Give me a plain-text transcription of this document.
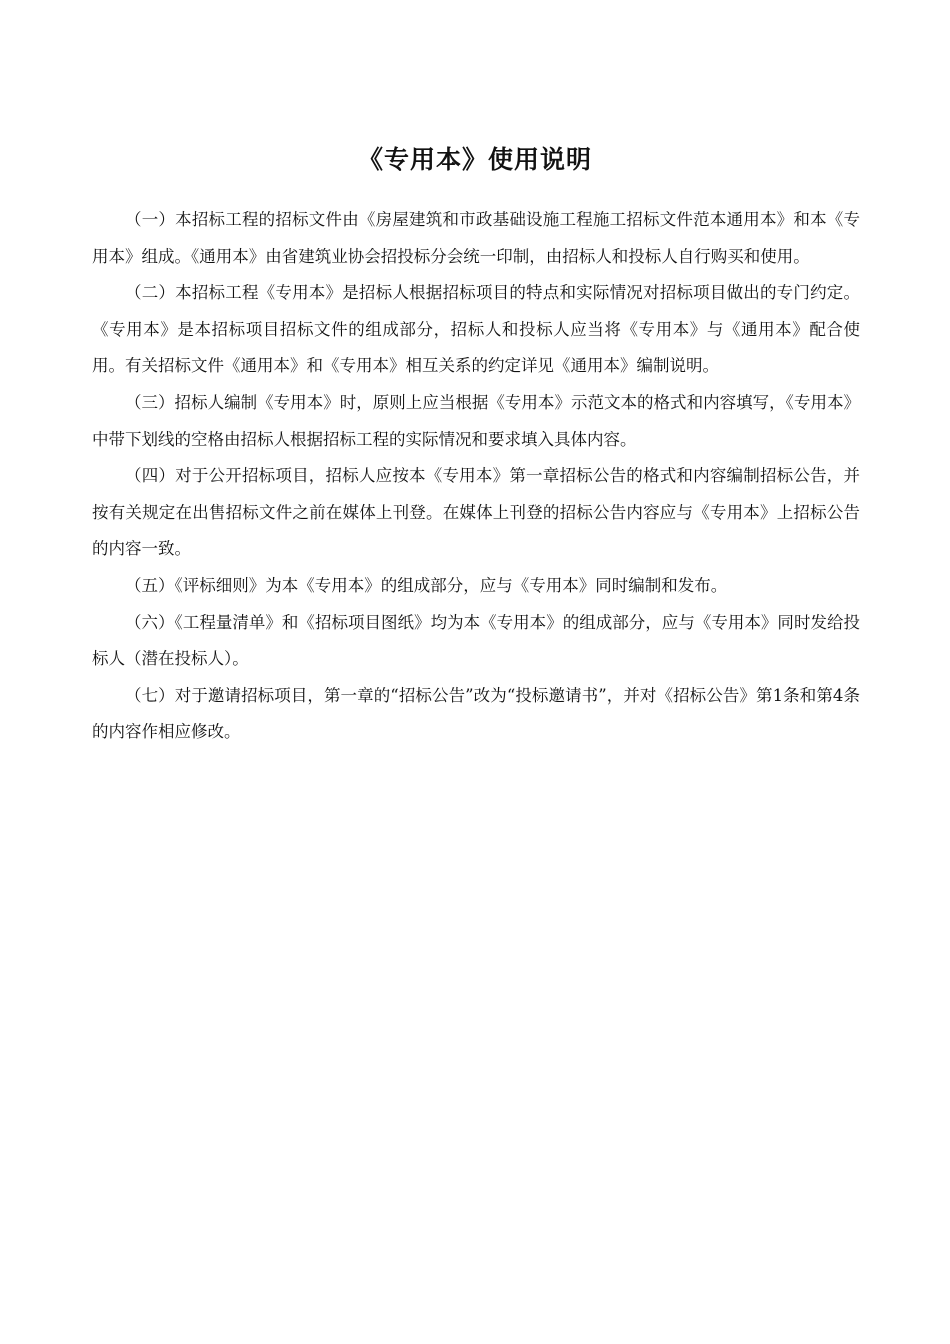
《专用本》使用说明

（一）本招标工程的招标文件由《房屋建筑和市政基础设施工程施工招标文件范本通用本》和本《专用本》组成。《通用本》由省建筑业协会招投标分会统一印制，由招标人和投标人自行购买和使用。

（二）本招标工程《专用本》是招标人根据招标项目的特点和实际情况对招标项目做出的专门约定。《专用本》是本招标项目招标文件的组成部分，招标人和投标人应当将《专用本》与《通用本》配合使用。有关招标文件《通用本》和《专用本》相互关系的约定详见《通用本》编制说明。

（三）招标人编制《专用本》时，原则上应当根据《专用本》示范文本的格式和内容填写，《专用本》中带下划线的空格由招标人根据招标工程的实际情况和要求填入具体内容。

（四）对于公开招标项目，招标人应按本《专用本》第一章招标公告的格式和内容编制招标公告，并按有关规定在出售招标文件之前在媒体上刊登。在媒体上刊登的招标公告内容应与《专用本》上招标公告的内容一致。

（五）《评标细则》为本《专用本》的组成部分，应与《专用本》同时编制和发布。

（六）《工程量清单》和《招标项目图纸》均为本《专用本》的组成部分，应与《专用本》同时发给投标人（潜在投标人）。

（七）对于邀请招标项目，第一章的“招标公告”改为“投标邀请书”，并对《招标公告》第1条和第4条的内容作相应修改。
